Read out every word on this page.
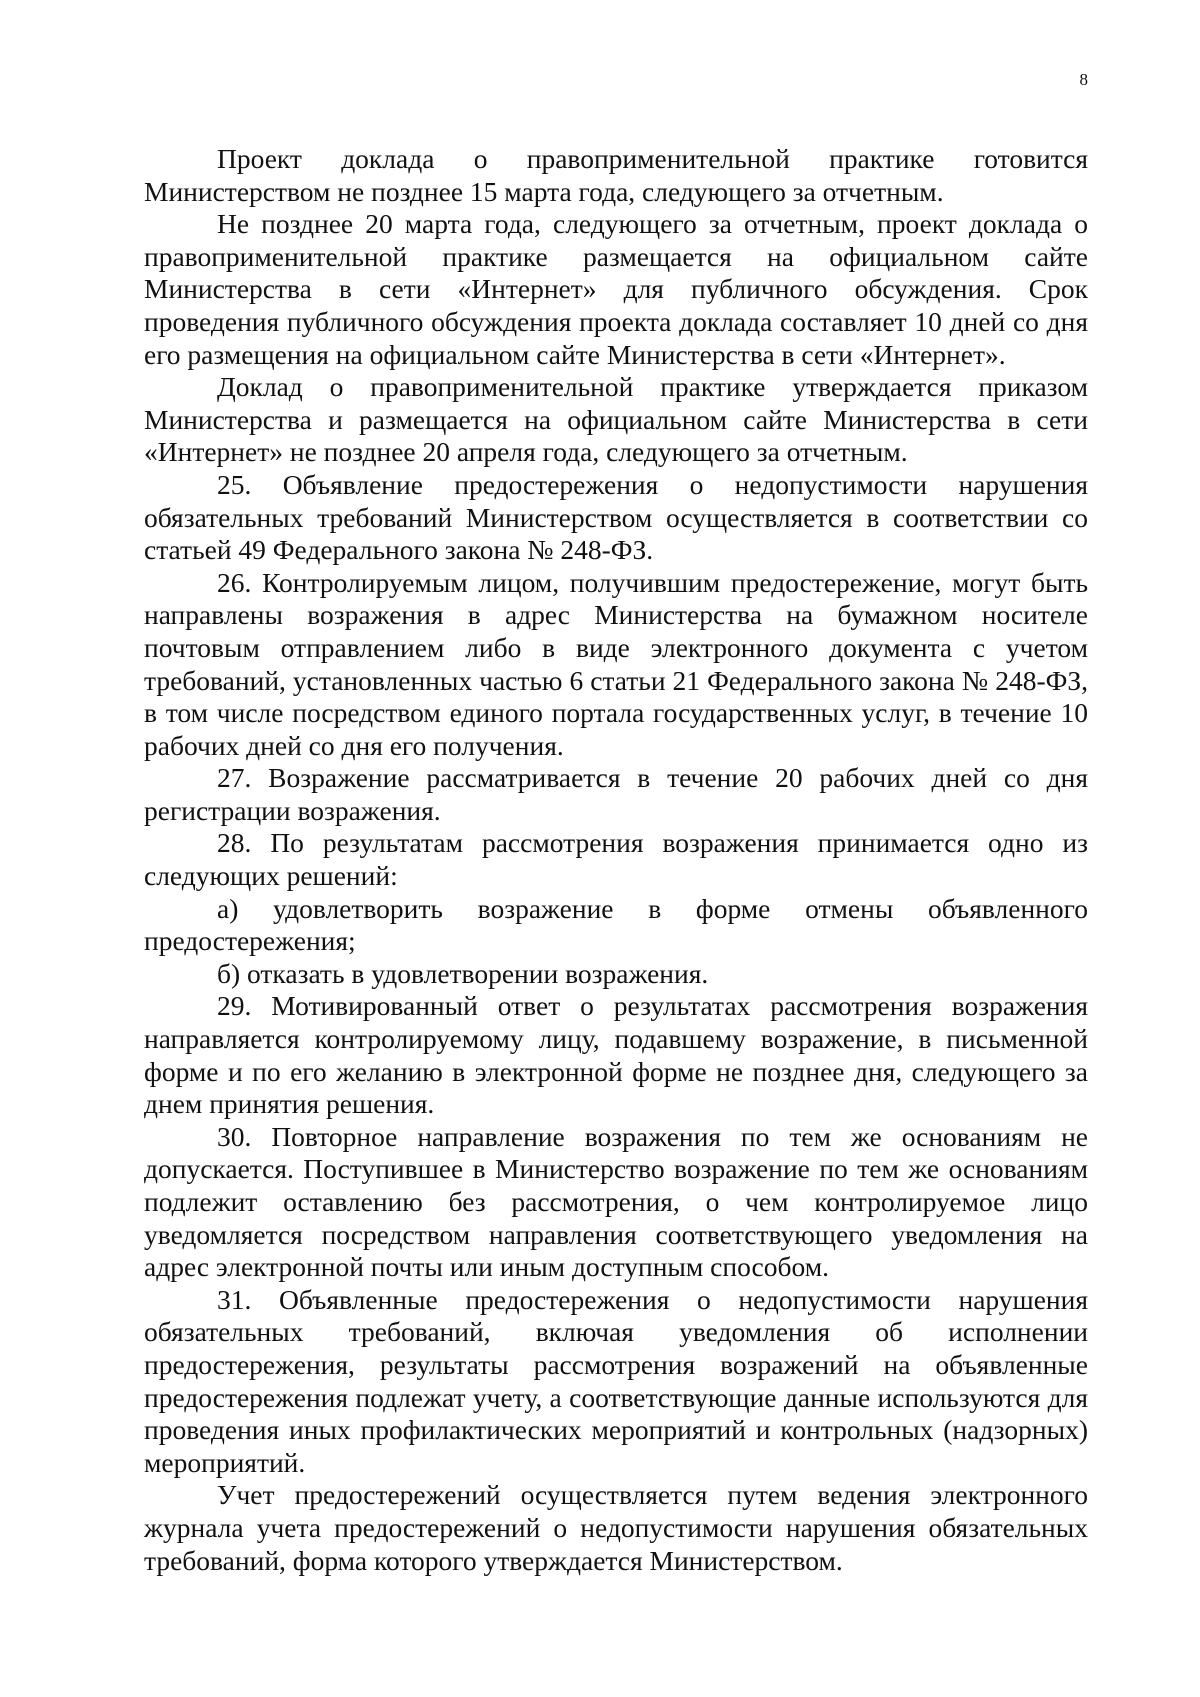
8

Проект доклада о правоприменительной практике готовится Министерством не позднее 15 марта года, следующего за отчетным.

Не позднее 20 марта года, следующего за отчетным, проект доклада о правоприменительной практике размещается на официальном сайте Министерства в сети «Интернет» для публичного обсуждения. Срок проведения публичного обсуждения проекта доклада составляет 10 дней со дня его размещения на официальном сайте Министерства в сети «Интернет».

Доклад о правоприменительной практике утверждается приказом Министерства и размещается на официальном сайте Министерства в сети «Интернет» не позднее 20 апреля года, следующего за отчетным.

25. Объявление предостережения о недопустимости нарушения обязательных требований Министерством осуществляется в соответствии со статьей 49 Федерального закона № 248-ФЗ.

26. Контролируемым лицом, получившим предостережение, могут быть направлены возражения в адрес Министерства на бумажном носителе почтовым отправлением либо в виде электронного документа с учетом требований, установленных частью 6 статьи 21 Федерального закона № 248-ФЗ, в том числе посредством единого портала государственных услуг, в течение 10 рабочих дней со дня его получения.

27. Возражение рассматривается в течение 20 рабочих дней со дня регистрации возражения.

28. По результатам рассмотрения возражения принимается одно из следующих решений:

а) удовлетворить возражение в форме отмены объявленного предостережения;

б) отказать в удовлетворении возражения.

29. Мотивированный ответ о результатах рассмотрения возражения направляется контролируемому лицу, подавшему возражение, в письменной форме и по его желанию в электронной форме не позднее дня, следующего за днем принятия решения.

30. Повторное направление возражения по тем же основаниям не допускается. Поступившее в Министерство возражение по тем же основаниям подлежит оставлению без рассмотрения, о чем контролируемое лицо уведомляется посредством направления соответствующего уведомления на адрес электронной почты или иным доступным способом.

31. Объявленные предостережения о недопустимости нарушения обязательных требований, включая уведомления об исполнении предостережения, результаты рассмотрения возражений на объявленные предостережения подлежат учету, а соответствующие данные используются для проведения иных профилактических мероприятий и контрольных (надзорных) мероприятий.

Учет предостережений осуществляется путем ведения электронного журнала учета предостережений о недопустимости нарушения обязательных требований, форма которого утверждается Министерством.
